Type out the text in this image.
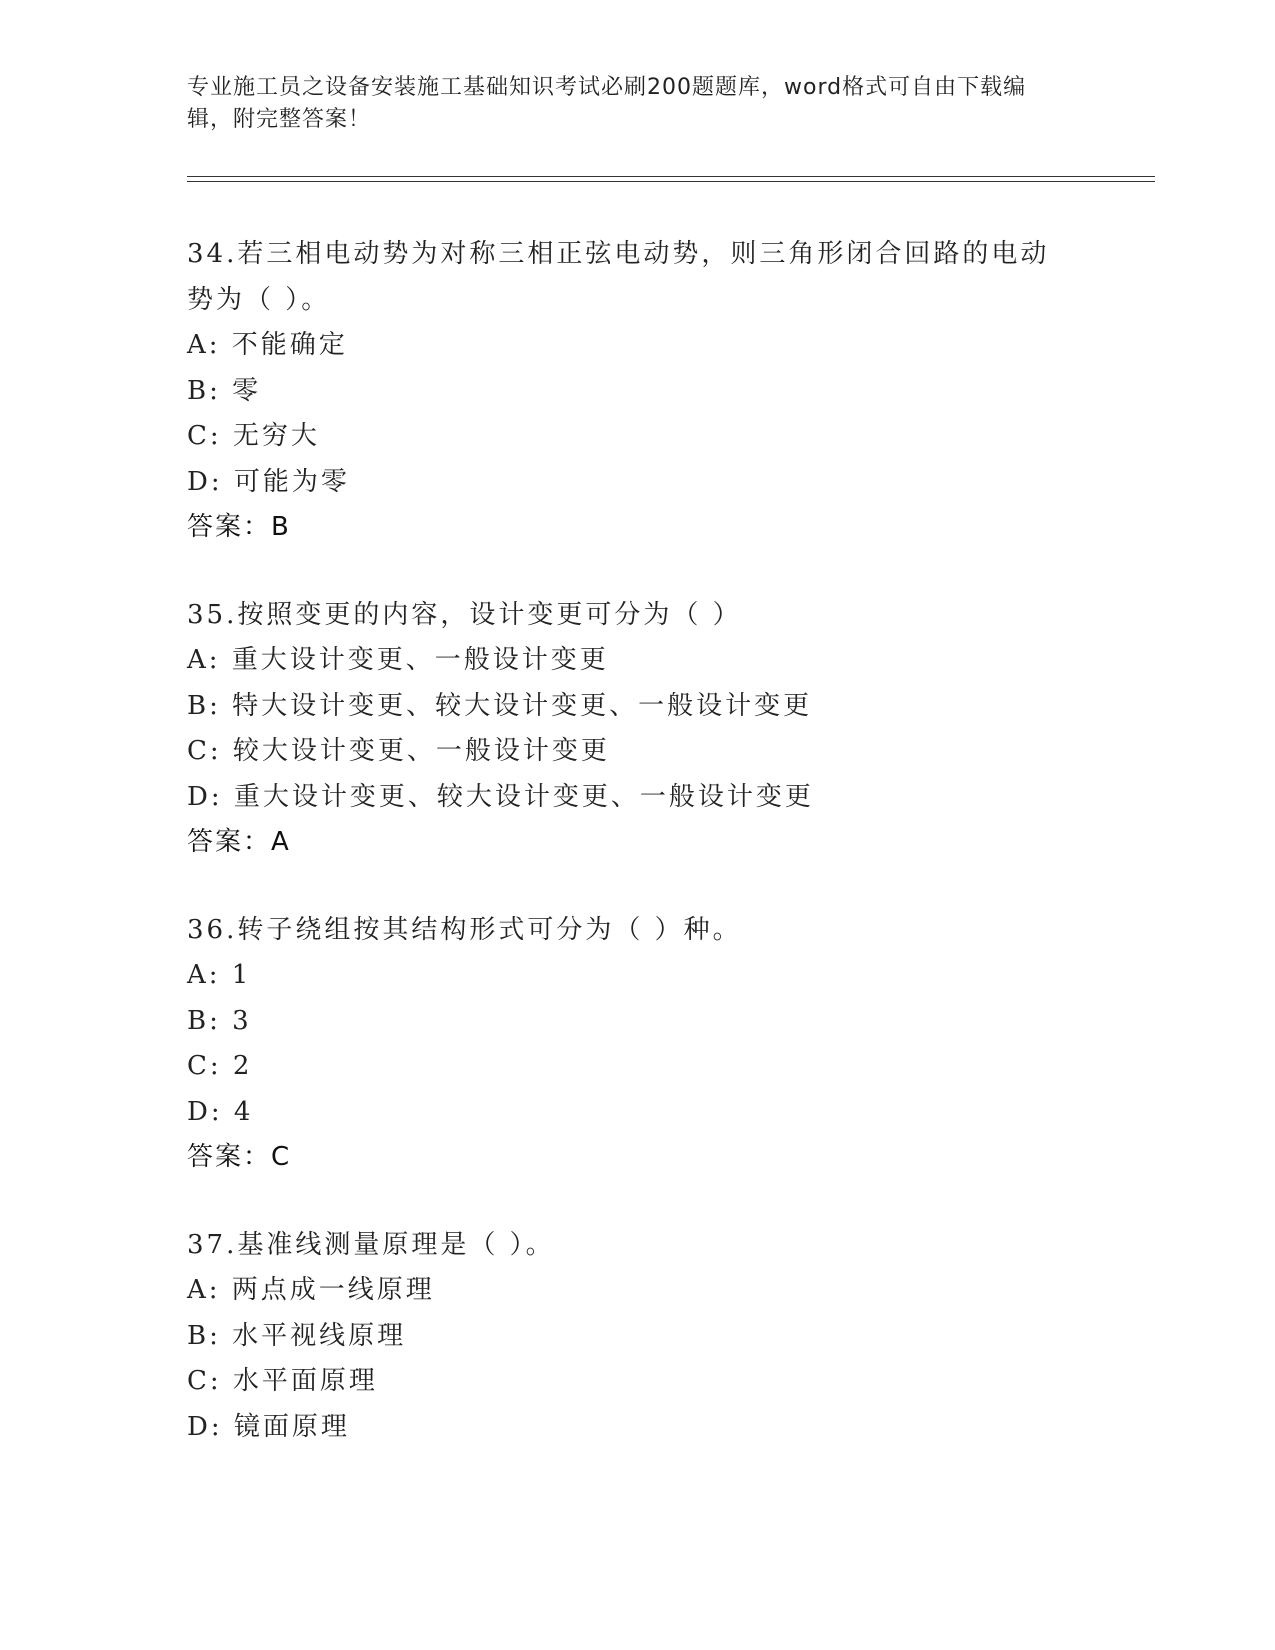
专业施工员之设备安装施工基础知识考试必刷200题题库，word格式可自由下载编辑，附完整答案！
34.若三相电动势为对称三相正弦电动势，则三角形闭合回路的电动势为（ ）。
A: 不能确定
B: 零
C: 无穷大
D: 可能为零
答案：B
35.按照变更的内容，设计变更可分为（ ）
A: 重大设计变更、一般设计变更
B: 特大设计变更、较大设计变更、一般设计变更
C: 较大设计变更、一般设计变更
D: 重大设计变更、较大设计变更、一般设计变更
答案：A
36.转子绕组按其结构形式可分为（ ）种。
A: 1
B: 3
C: 2
D: 4
答案：C
37.基准线测量原理是（ ）。
A: 两点成一线原理
B: 水平视线原理
C: 水平面原理
D: 镜面原理
